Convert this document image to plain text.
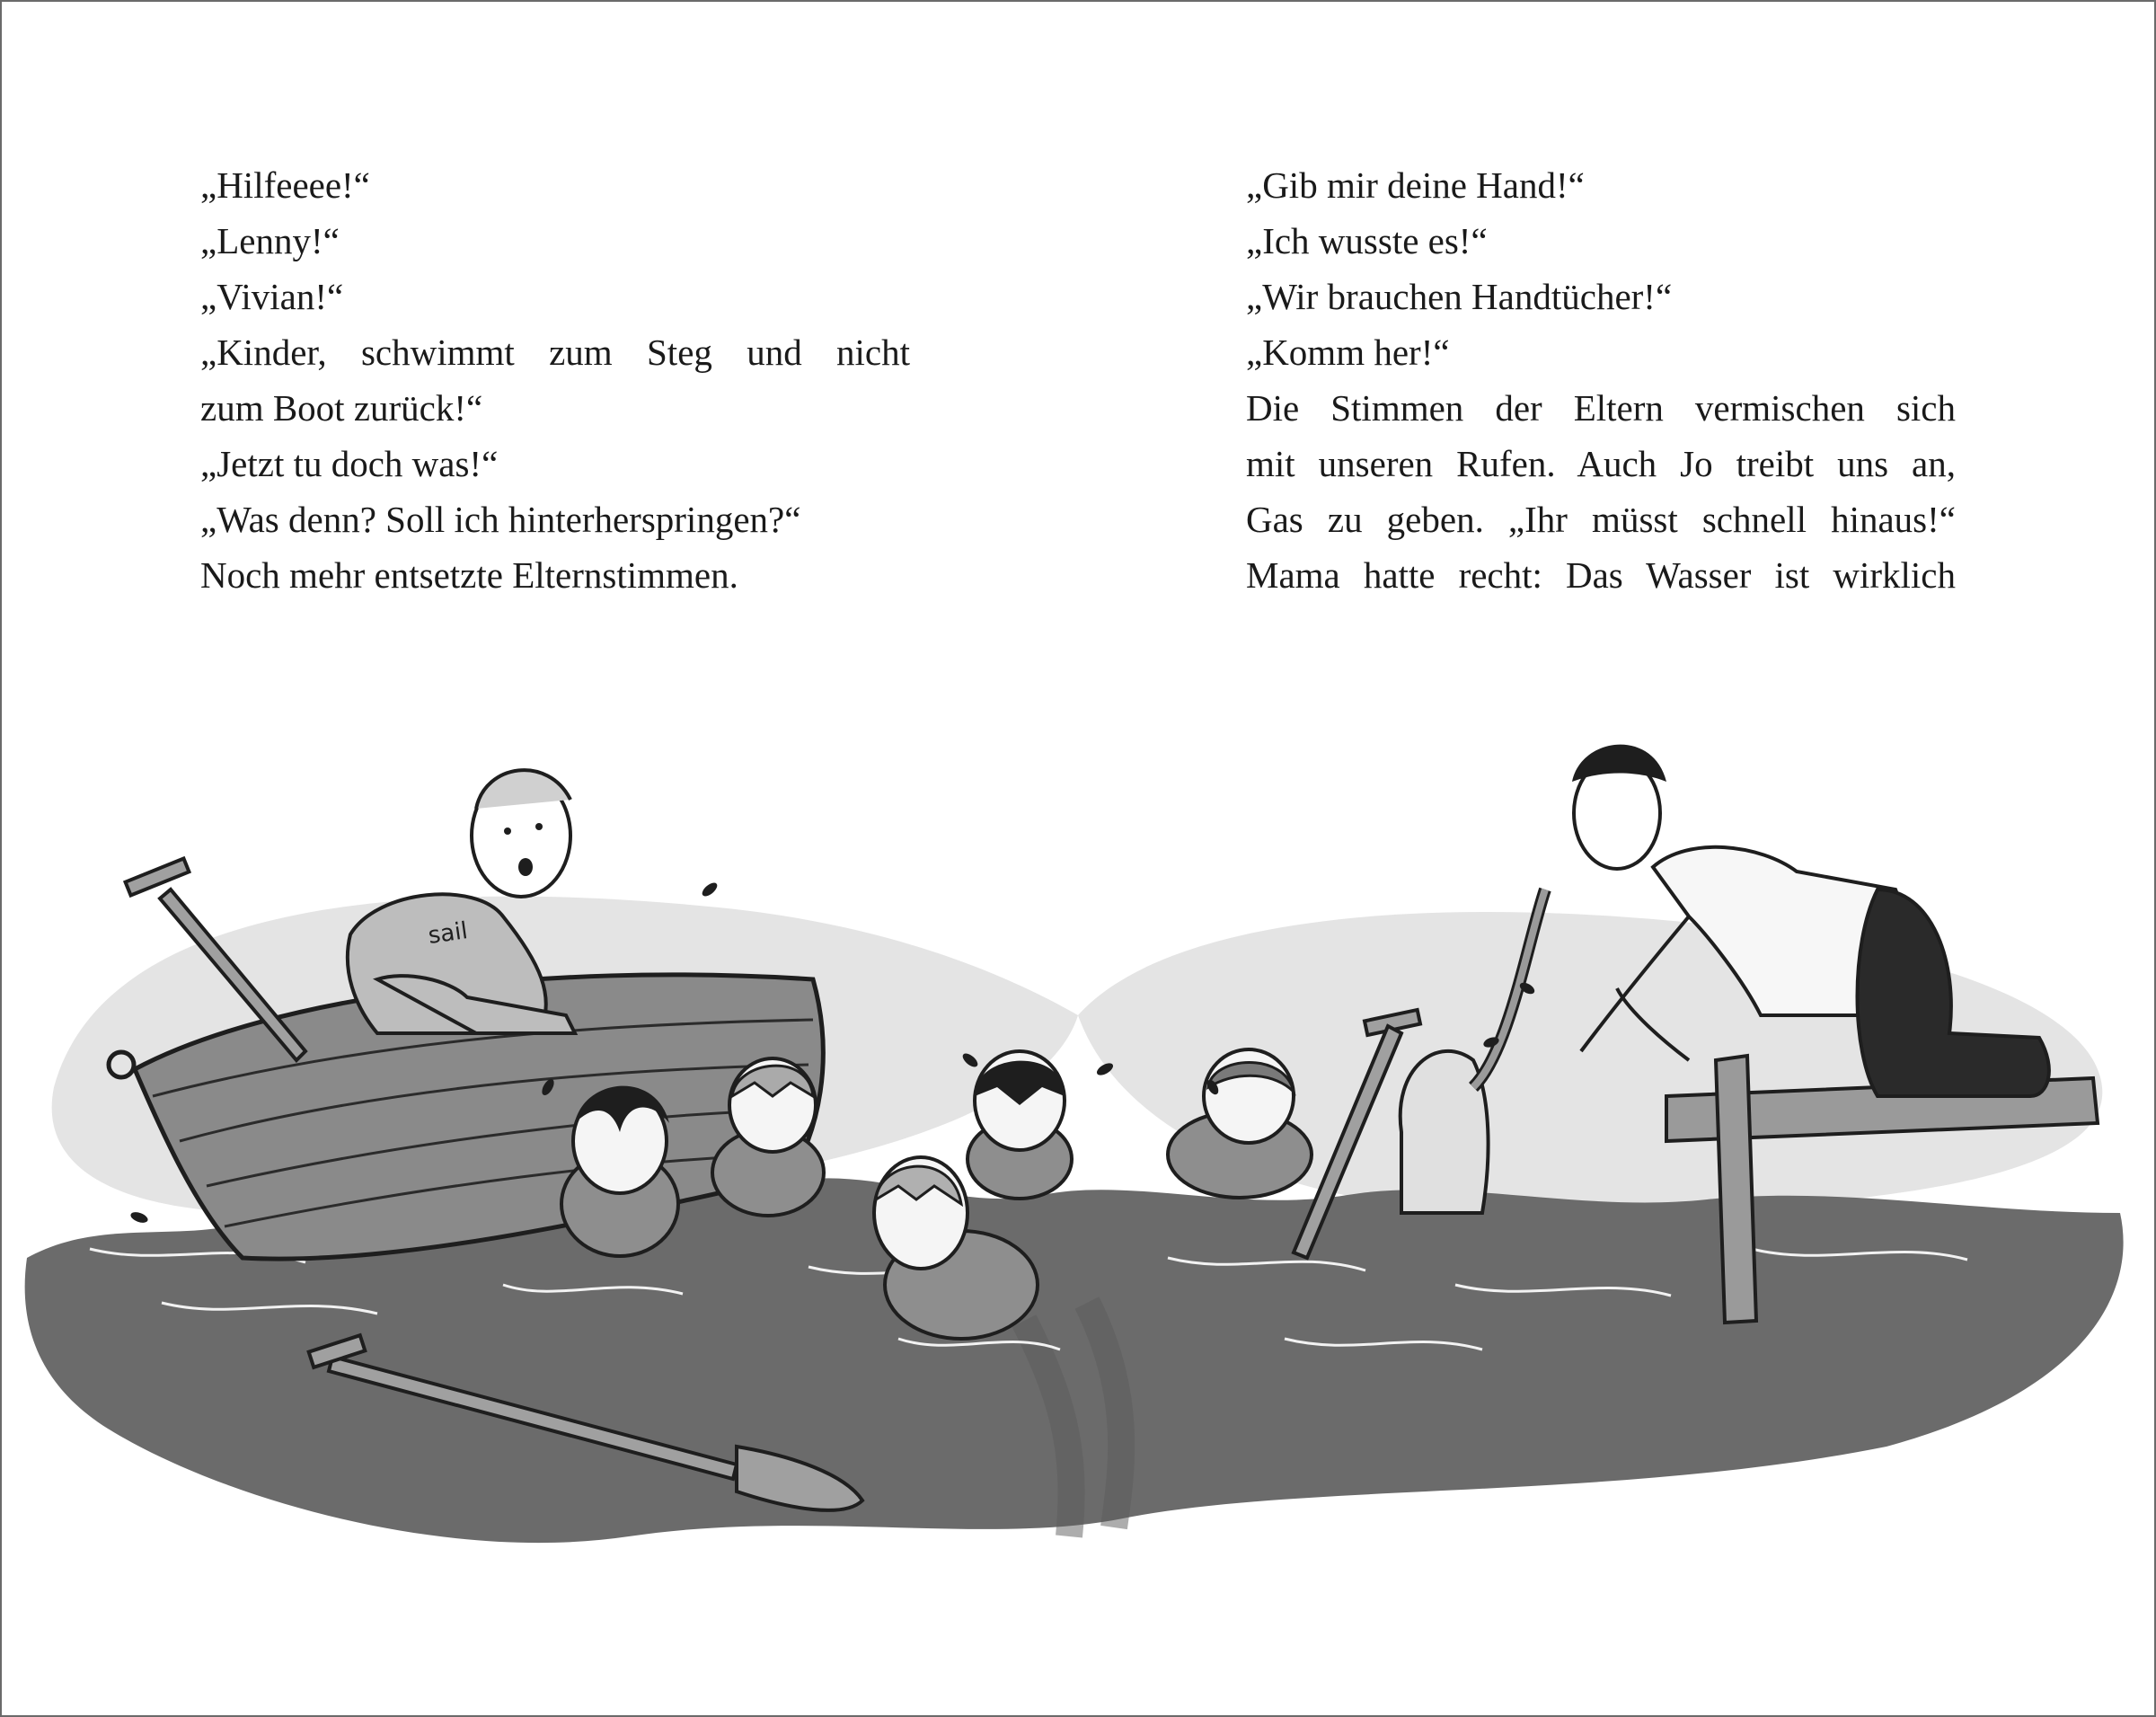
„Hilfeeee!“
„Lenny!“
„Vivian!“
„Kinder, schwimmt zum Steg und nicht
zum Boot zurück!“
„Jetzt tu doch was!“
„Was denn? Soll ich hinterherspringen?“
Noch mehr entsetzte Elternstimmen.
„Gib mir deine Hand!“
„Ich wusste es!“
„Wir brauchen Handtücher!“
„Komm her!“
Die Stimmen der Eltern vermischen sich
mit unseren Rufen. Auch Jo treibt uns an,
Gas zu geben. „Ihr müsst schnell hinaus!“
Mama hatte recht: Das Wasser ist wirklich
sail
